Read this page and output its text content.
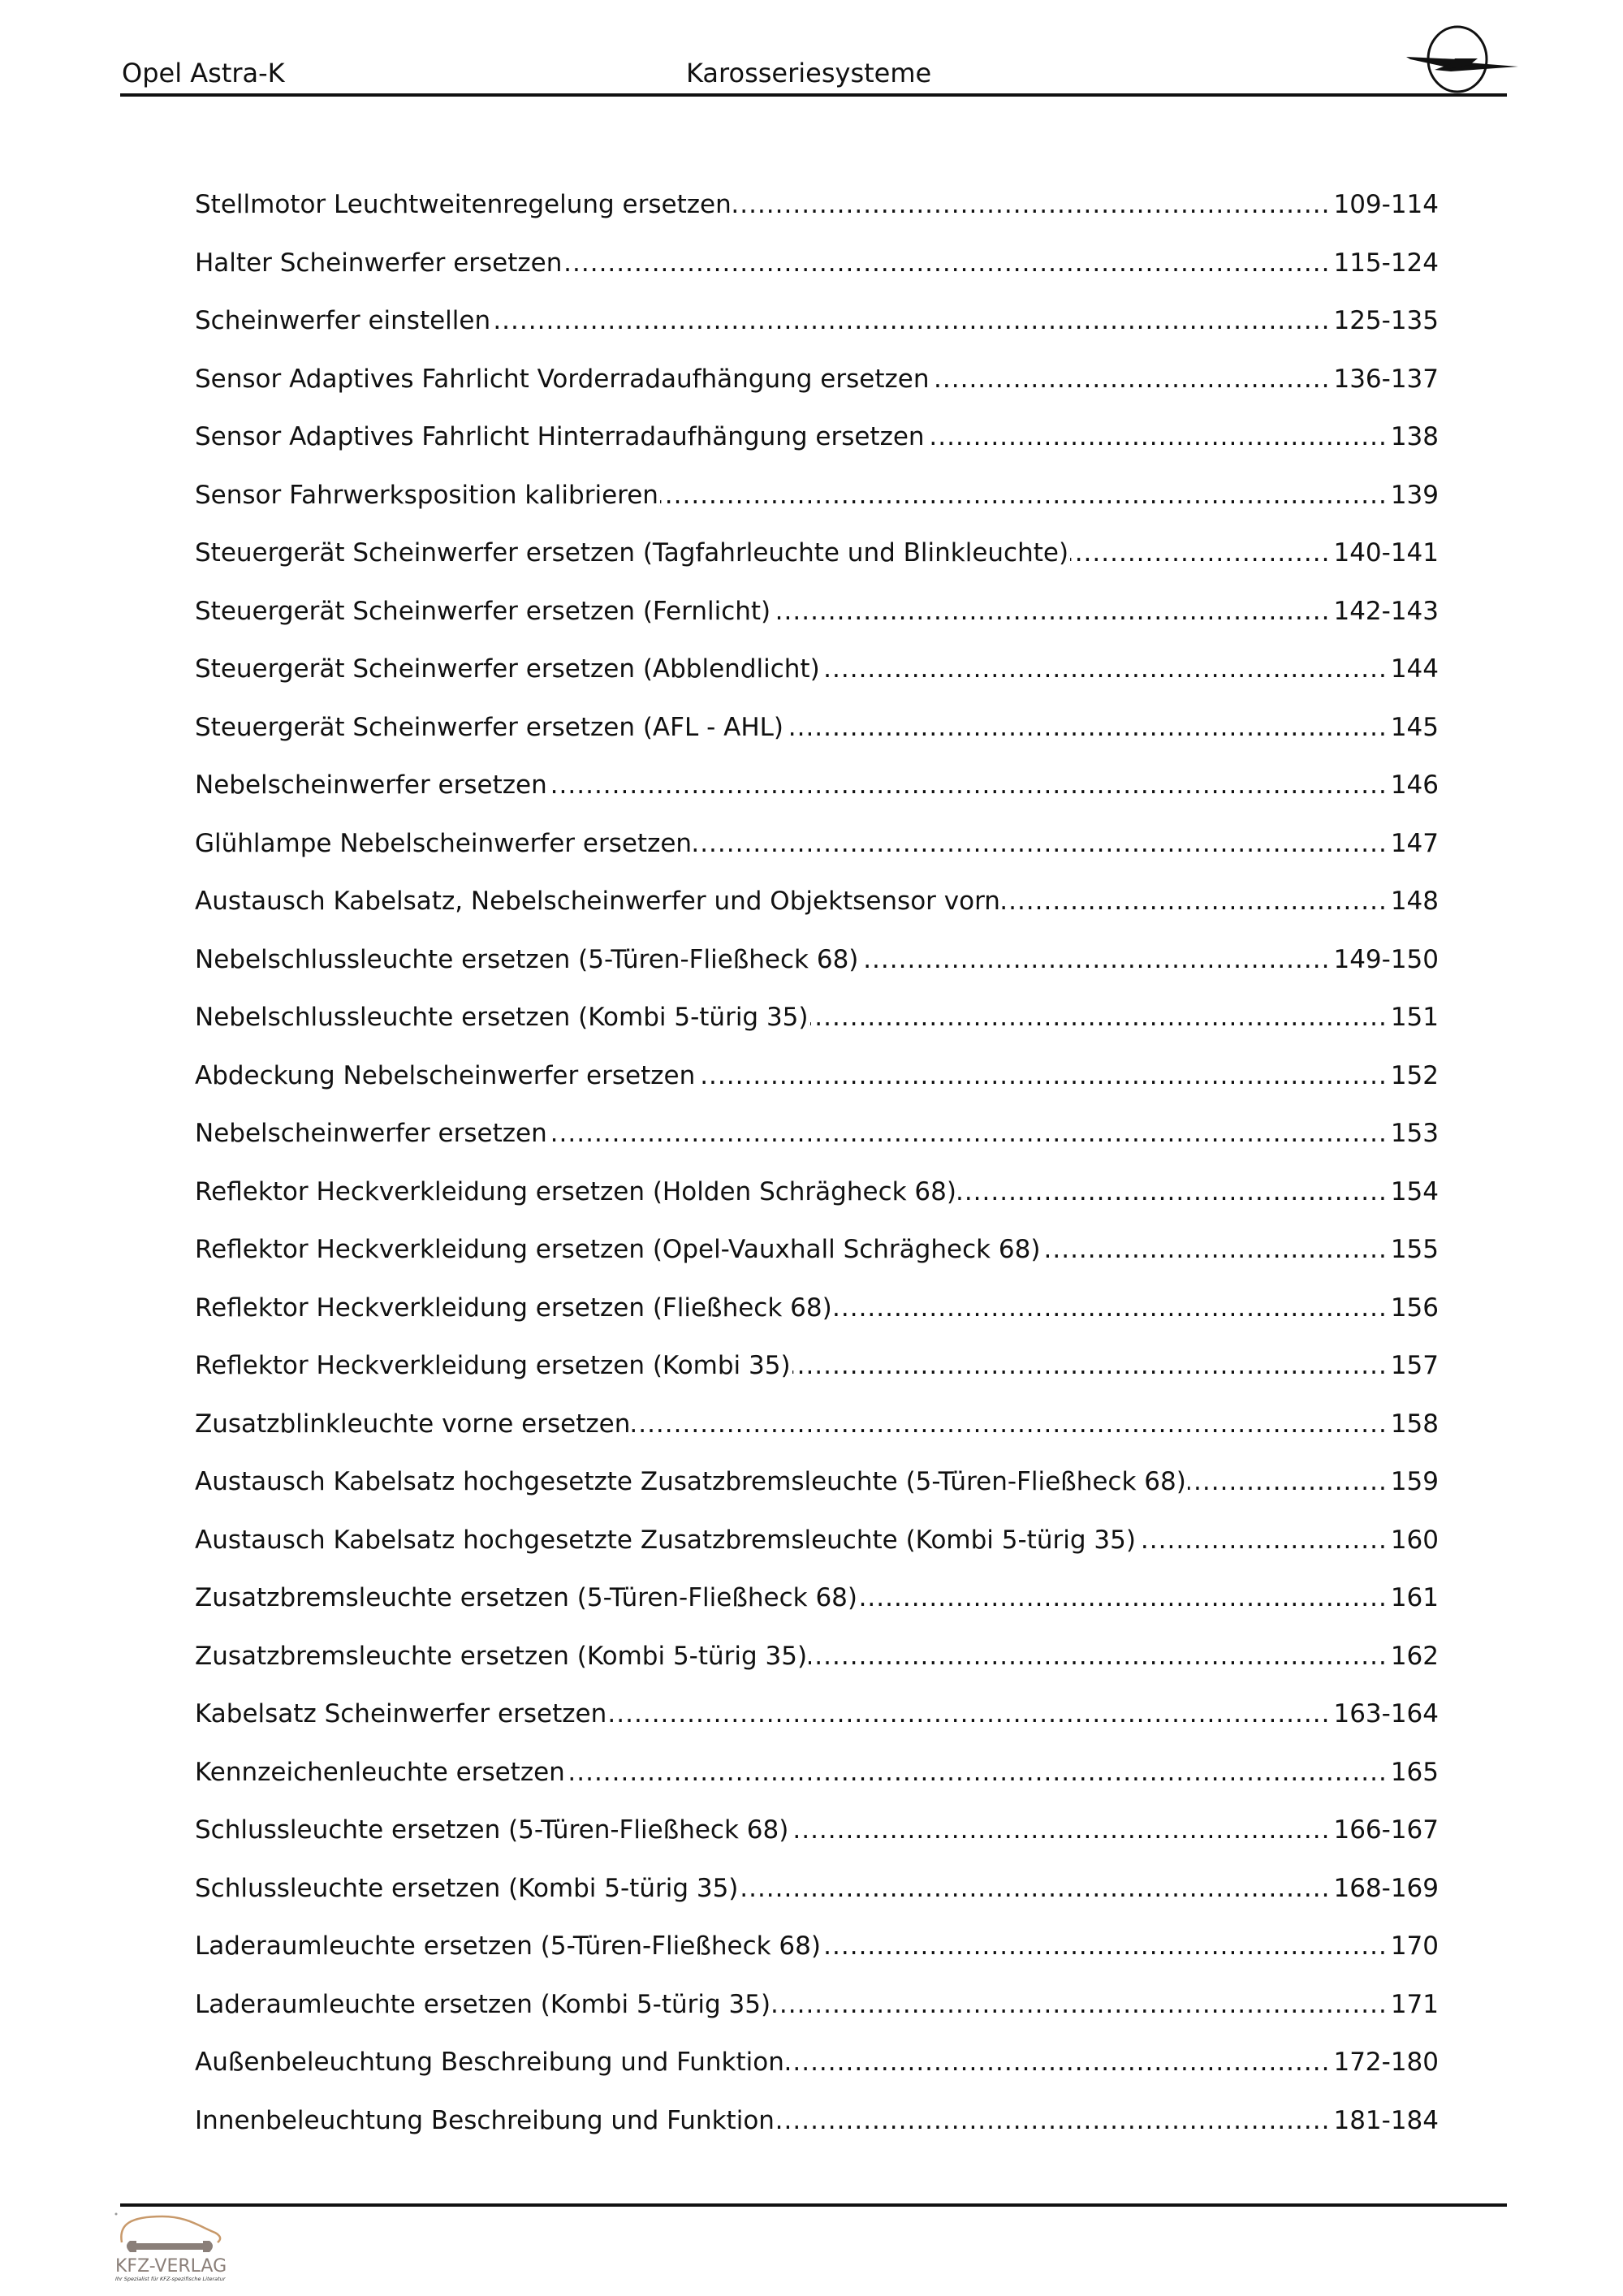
Opel Astra-K	Karosseriesysteme
Stellmotor Leuchtweitenregelung ersetzen .....	109-114
Halter Scheinwerfer ersetzen .....	115-124
Scheinwerfer einstellen .....	125-135
Sensor Adaptives Fahrlicht Vorderradaufhängung ersetzen .....	136-137
Sensor Adaptives Fahrlicht Hinterradaufhängung ersetzen .....	138
Sensor Fahrwerksposition kalibrieren .....	139
Steuergerät Scheinwerfer ersetzen (Tagfahrleuchte und Blinkleuchte) .....	140-141
Steuergerät Scheinwerfer ersetzen (Fernlicht) .....	142-143
Steuergerät Scheinwerfer ersetzen (Abblendlicht) .....	144
Steuergerät Scheinwerfer ersetzen (AFL - AHL) .....	145
Nebelscheinwerfer ersetzen .....	146
Glühlampe Nebelscheinwerfer ersetzen .....	147
Austausch Kabelsatz, Nebelscheinwerfer und Objektsensor vorn .....	148
Nebelschlussleuchte ersetzen (5-Türen-Fließheck 68) .....	149-150
Nebelschlussleuchte ersetzen (Kombi 5-türig 35) .....	151
Abdeckung Nebelscheinwerfer ersetzen .....	152
Nebelscheinwerfer ersetzen .....	153
Reflektor Heckverkleidung ersetzen (Holden Schrägheck 68) .....	154
Reflektor Heckverkleidung ersetzen (Opel-Vauxhall Schrägheck 68) .....	155
Reflektor Heckverkleidung ersetzen (Fließheck 68) .....	156
Reflektor Heckverkleidung ersetzen (Kombi 35) .....	157
Zusatzblinkleuchte vorne ersetzen .....	158
Austausch Kabelsatz hochgesetzte Zusatzbremsleuchte (5-Türen-Fließheck 68) .....	159
Austausch Kabelsatz hochgesetzte Zusatzbremsleuchte (Kombi 5-türig 35) .....	160
Zusatzbremsleuchte ersetzen (5-Türen-Fließheck 68) .....	161
Zusatzbremsleuchte ersetzen (Kombi 5-türig 35) .....	162
Kabelsatz Scheinwerfer ersetzen .....	163-164
Kennzeichenleuchte ersetzen .....	165
Schlussleuchte ersetzen (5-Türen-Fließheck 68) .....	166-167
Schlussleuchte ersetzen (Kombi 5-türig 35) .....	168-169
Laderaumleuchte ersetzen (5-Türen-Fließheck 68) .....	170
Laderaumleuchte ersetzen (Kombi 5-türig 35) .....	171
Außenbeleuchtung Beschreibung und Funktion .....	172-180
Innenbeleuchtung Beschreibung und Funktion .....	181-184
KFZ-VERLAG
Ihr Spezialist für KFZ-spezifische Literatur
